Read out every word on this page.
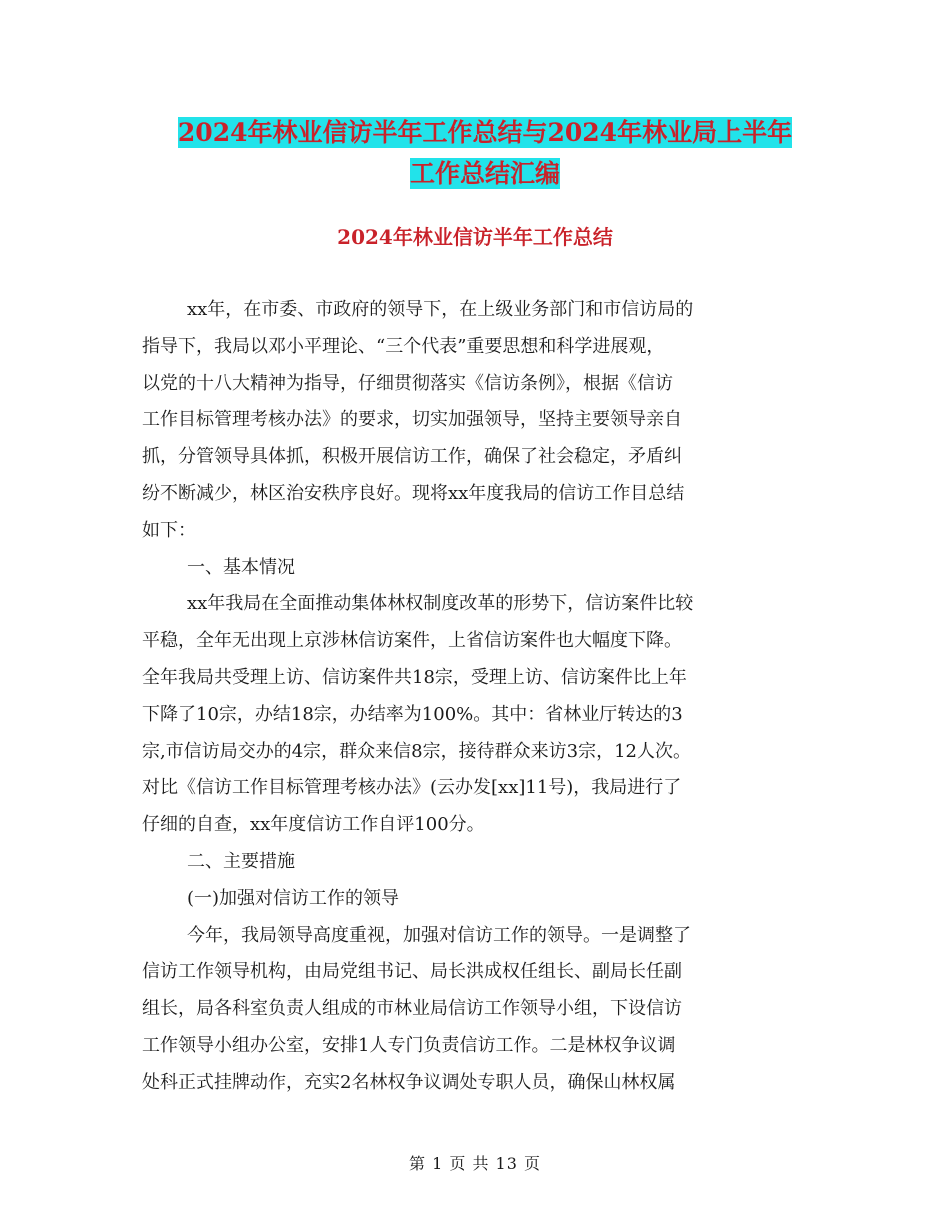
2024年林业信访半年工作总结与2024年林业局上半年
工作总结汇编
2024年林业信访半年工作总结
xx年，在市委、市政府的领导下，在上级业务部门和市信访局的
指导下，我局以邓小平理论、“三个代表”重要思想和科学进展观，
以党的十八大精神为指导，仔细贯彻落实《信访条例》，根据《信访
工作目标管理考核办法》的要求，切实加强领导，坚持主要领导亲自
抓，分管领导具体抓，积极开展信访工作，确保了社会稳定，矛盾纠
纷不断减少，林区治安秩序良好。现将xx年度我局的信访工作目总结
如下：
一、基本情况
xx年我局在全面推动集体林权制度改革的形势下，信访案件比较
平稳，全年无出现上京涉林信访案件，上省信访案件也大幅度下降。
全年我局共受理上访、信访案件共18宗，受理上访、信访案件比上年
下降了10宗，办结18宗，办结率为100%。其中：省林业厅转达的3
宗,市信访局交办的4宗，群众来信8宗，接待群众来访3宗，12人次。
对比《信访工作目标管理考核办法》(云办发[xx]11号)，我局进行了
仔细的自查，xx年度信访工作自评100分。
二、主要措施
(一)加强对信访工作的领导
今年，我局领导高度重视，加强对信访工作的领导。一是调整了
信访工作领导机构，由局党组书记、局长洪成权任组长、副局长任副
组长，局各科室负责人组成的市林业局信访工作领导小组，下设信访
工作领导小组办公室，安排1人专门负责信访工作。二是林权争议调
处科正式挂牌动作，充实2名林权争议调处专职人员，确保山林权属
第 1 页 共 13 页
